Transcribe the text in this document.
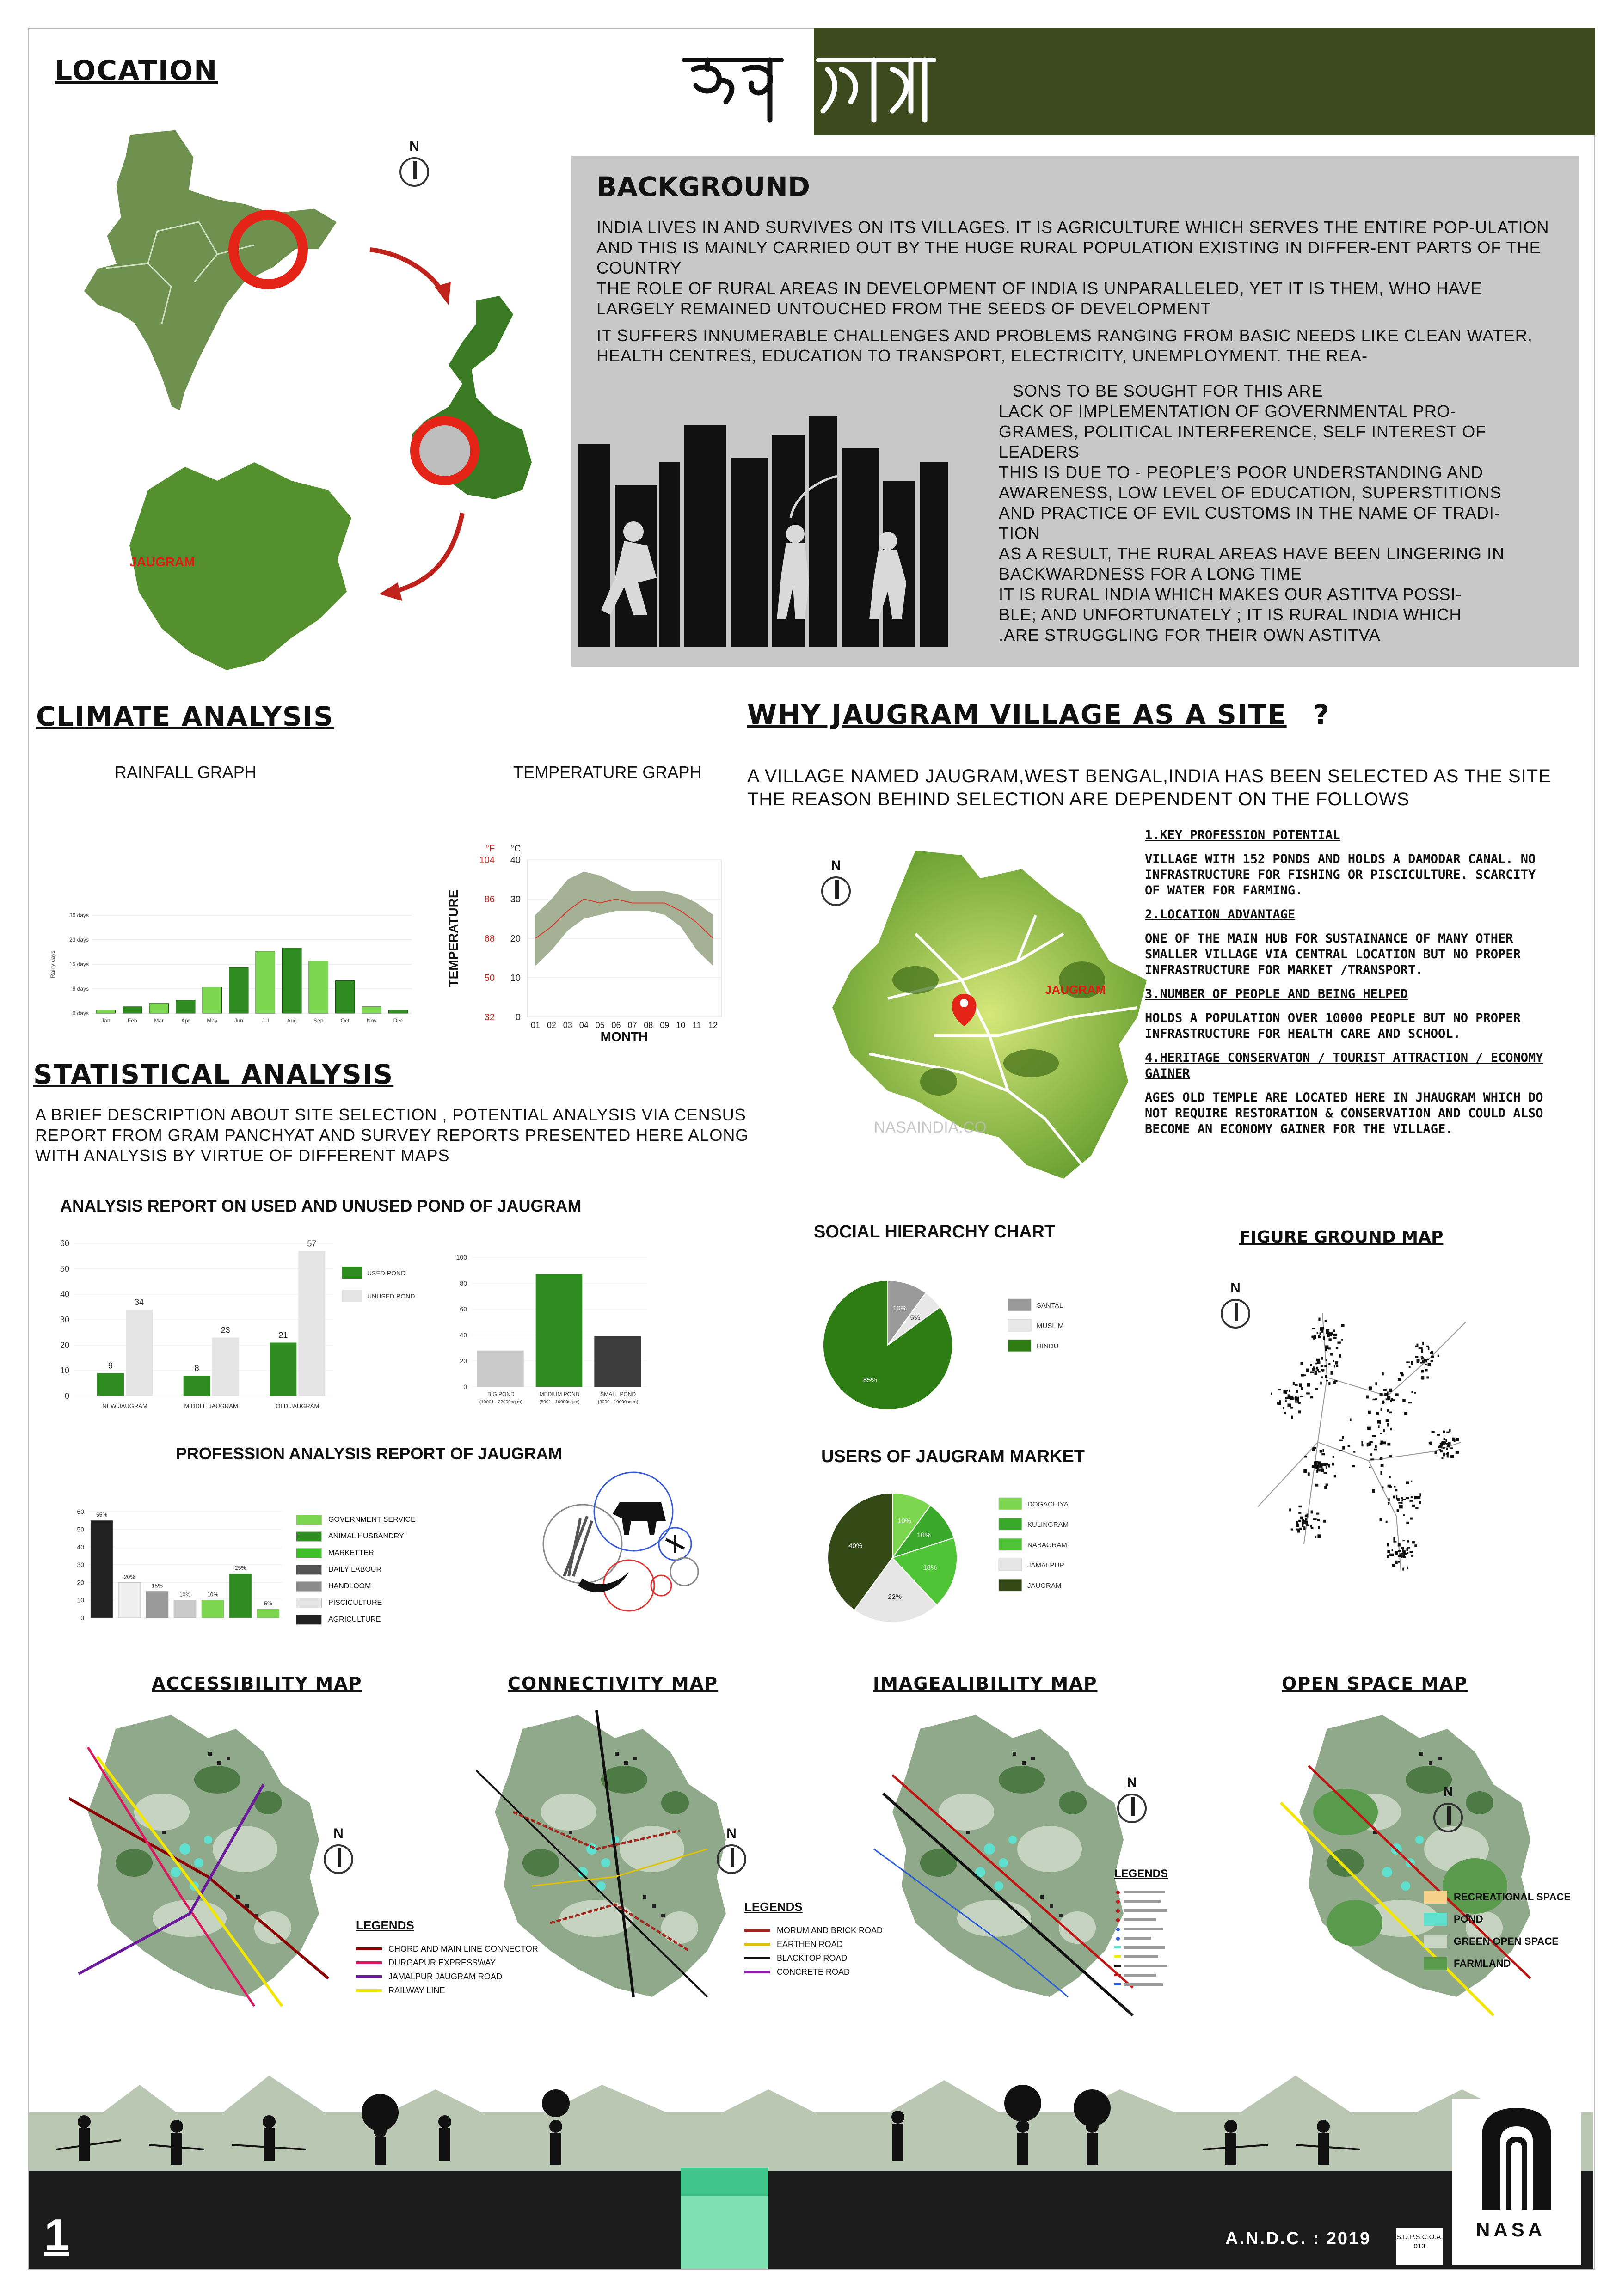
LOCATION
N
JAUGRAM
BACKGROUND

INDIA LIVES IN AND SURVIVES ON ITS VILLAGES. IT IS AGRICULTURE WHICH SERVES THE ENTIRE POP-ULATION AND THIS IS MAINLY CARRIED OUT BY THE HUGE RURAL POPULATION EXISTING IN DIFFER-ENT PARTS OF THE COUNTRY

THE ROLE OF RURAL AREAS IN DEVELOPMENT OF INDIA IS UNPARALLELED, YET IT IS THEM, WHO HAVE LARGELY REMAINED UNTOUCHED FROM THE SEEDS OF DEVELOPMENT

IT SUFFERS INNUMERABLE CHALLENGES AND PROBLEMS RANGING FROM BASIC NEEDS LIKE CLEAN WATER, HEALTH CENTRES, EDUCATION TO TRANSPORT, ELECTRICITY, UNEMPLOYMENT. THE REA-

SONS TO BE SOUGHT FOR THIS ARE
LACK OF IMPLEMENTATION OF GOVERNMENTAL PRO-
GRAMES, POLITICAL INTERFERENCE, SELF INTEREST OF
LEADERS
THIS IS DUE TO - PEOPLE’S POOR UNDERSTANDING AND
AWARENESS, LOW LEVEL OF EDUCATION, SUPERSTITIONS
AND PRACTICE OF EVIL CUSTOMS IN THE NAME OF TRADI-
TION
AS A RESULT, THE RURAL AREAS HAVE BEEN LINGERING IN
BACKWARDNESS FOR A LONG TIME
IT IS RURAL INDIA WHICH MAKES OUR ASTITVA POSSI-
BLE; AND UNFORTUNATELY ; IT IS RURAL INDIA WHICH
.ARE STRUGGLING FOR THEIR OWN ASTITVA
CLIMATE ANALYSIS
RAINFALL GRAPH	TEMPERATURE GRAPH
0 days
8 days
15 days
23 days
30 days
Rainy days
Jan	Feb	Mar	Apr	May	Jun	Jul	Aug	Sep	Oct	Nov	Dec
40
104
30
86
20
68
10
50
0
32
°F °C
01 02 03 04 05 06 07 08 09 10 11 12
MONTH
TEMPERATURE
STATISTICAL ANALYSIS
A BRIEF DESCRIPTION ABOUT SITE SELECTION , POTENTIAL ANALYSIS VIA CENSUS
REPORT FROM GRAM PANCHYAT AND SURVEY REPORTS PRESENTED HERE ALONG
WITH ANALYSIS BY VIRTUE OF DIFFERENT MAPS
ANALYSIS REPORT ON USED AND UNUSED POND OF JAUGRAM
0
10
20
30
40
50
60
9
34
NEW JAUGRAM
8
23
MIDDLE JAUGRAM
21
57
OLD JAUGRAM
USED POND
UNUSED POND
0
20
40
60
80
100
BIG POND
(10001 - 22000sq.m)
MEDIUM POND
(8001 - 10000sq.m)
SMALL POND
(8000 - 10000sq.m)
PROFESSION ANALYSIS REPORT OF JAUGRAM
0
10
20
30
40
50
60 55%
20%
15%
10%	10%
25%
5%
GOVERNMENT SERVICE
ANIMAL HUSBANDRY
MARKETTER
DAILY LABOUR
HANDLOOM
PISCICULTURE
AGRICULTURE
WHY JAUGRAM VILLAGE AS A SITE ?
A VILLAGE NAMED JAUGRAM,WEST BENGAL,INDIA HAS BEEN SELECTED AS THE SITE
THE REASON BEHIND SELECTION ARE DEPENDENT ON THE FOLLOWS
N
JAUGRAM
NASAINDIA.CO
1.KEY PROFESSION POTENTIAL
VILLAGE WITH 152 PONDS AND HOLDS A DAMODAR CANAL. NO INFRASTRUCTURE FOR FISHING OR PISCICULTURE. SCARCITY OF WATER FOR FARMING.
2.LOCATION ADVANTAGE
ONE OF THE MAIN HUB FOR SUSTAINANCE OF MANY OTHER SMALLER VILLAGE VIA CENTRAL LOCATION BUT NO PROPER INFRASTRUCTURE FOR MARKET /TRANSPORT.
3.NUMBER OF PEOPLE AND BEING HELPED
HOLDS A POPULATION OVER 10000 PEOPLE BUT NO PROPER INFRASTRUCTURE FOR HEALTH CARE AND SCHOOL.
4.HERITAGE CONSERVATON / TOURIST ATTRACTION / ECONOMY GAINER
AGES OLD TEMPLE ARE LOCATED HERE IN JHAUGRAM WHICH DO NOT REQUIRE RESTORATION & CONSERVATION AND COULD ALSO BECOME AN ECONOMY GAINER FOR THE VILLAGE.
SOCIAL HIERARCHY CHART
10%
5%
85%
SANTAL
MUSLIM
HINDU
USERS OF JAUGRAM MARKET
10%
10%
18%
22%
40%
DOGACHIYA
KULINGRAM
NABAGRAM
JAMALPUR
JAUGRAM
FIGURE GROUND MAP
N
ACCESSIBILITY MAP	CONNECTIVITY MAP	IMAGEALIBILITY MAP	OPEN SPACE MAP
N	N
N
N
LEGENDS
CHORD AND MAIN LINE CONNECTOR
DURGAPUR EXPRESSWAY
JAMALPUR JAUGRAM ROAD
RAILWAY LINE
LEGENDS
MORUM AND BRICK ROAD
EARTHEN ROAD
BLACKTOP ROAD
CONCRETE ROAD
LEGENDS
RECREATIONAL SPACE
POND
GREEN OPEN SPACE
FARMLAND
1	A.N.D.C. : 2019	S.D.P.S.C.O.A. 013
NASA
